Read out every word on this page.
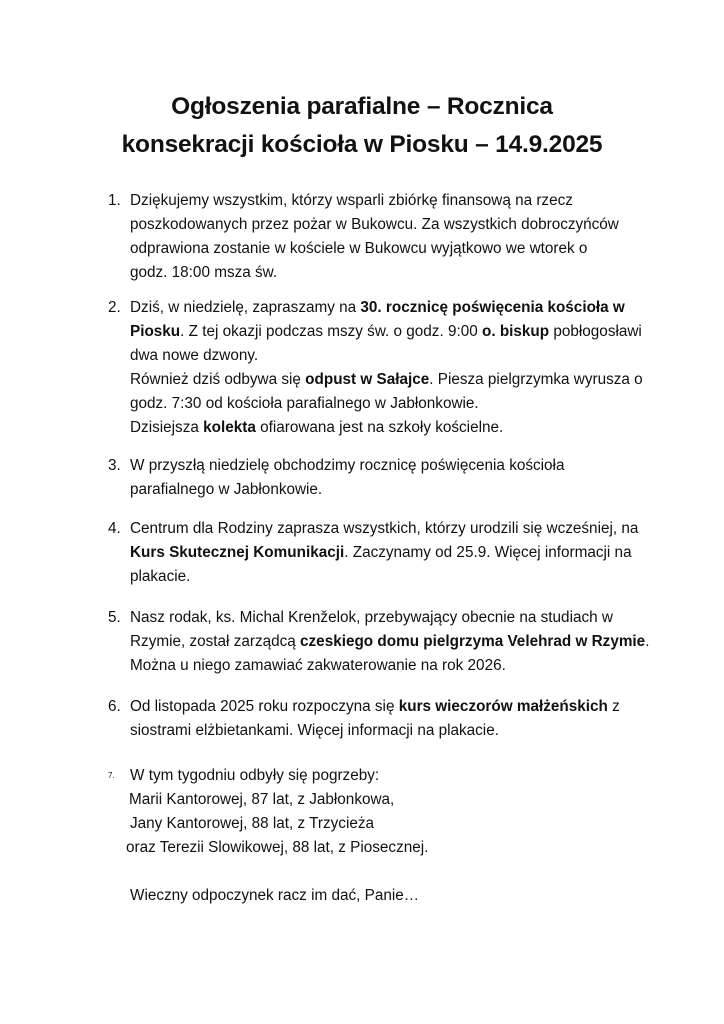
Ogłoszenia parafialne – Rocznica
konsekracji kościoła w Piosku – 14.9.2025
1. Dziękujemy wszystkim, którzy wsparli zbiórkę finansową na rzecz
poszkodowanych przez pożar w Bukowcu. Za wszystkich dobroczyńców
odprawiona zostanie w kościele w Bukowcu wyjątkowo we wtorek o
godz. 18:00 msza św.
2. Dziś, w niedzielę, zapraszamy na 30. rocznicę poświęcenia kościoła w
Piosku. Z tej okazji podczas mszy św. o godz. 9:00 o. biskup pobłogosławi
dwa nowe dzwony.
Również dziś odbywa się odpust w Sałajce. Piesza pielgrzymka wyrusza o
godz. 7:30 od kościoła parafialnego w Jabłonkowie.
Dzisiejsza kolekta ofiarowana jest na szkoły kościelne.
3. W przyszłą niedzielę obchodzimy rocznicę poświęcenia kościoła
parafialnego w Jabłonkowie.
4. Centrum dla Rodziny zaprasza wszystkich, którzy urodzili się wcześniej, na
Kurs Skutecznej Komunikacji. Zaczynamy od 25.9. Więcej informacji na
plakacie.
5. Nasz rodak, ks. Michal Krenželok, przebywający obecnie na studiach w
Rzymie, został zarządcą czeskiego domu pielgrzyma Velehrad w Rzymie.
Można u niego zamawiać zakwaterowanie na rok 2026.
6. Od listopada 2025 roku rozpoczyna się kurs wieczorów małżeńskich z
siostrami elżbietankami. Więcej informacji na plakacie.
7.	W tym tygodniu odbyły się pogrzeby:
Marii Kantorowej, 87 lat, z Jabłonkowa,
Jany Kantorowej, 88 lat, z Trzycieża
oraz Terezii Slowikowej, 88 lat, z Piosecznej.
Wieczny odpoczynek racz im dać, Panie…
